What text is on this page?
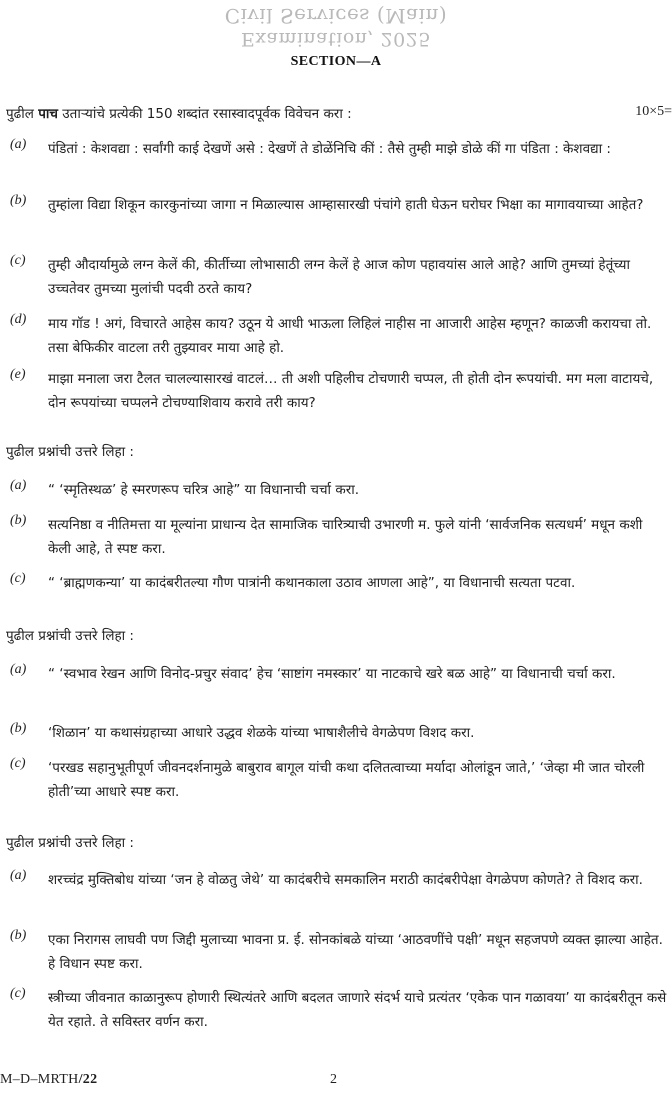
Civil Services (Main)
Examination, 2025
SECTION—A
पुढील पाच उताऱ्यांचे प्रत्येकी 150 शब्दांत रसास्वादपूर्वक विवेचन करा :	10×5=
(a) पंडितां : केशवद्या : सर्वांगी काई देखणें असे : देखणें ते डोळेंनिचि कीं : तैसे तुम्ही माझे डोळे कीं गा पंडिता : केशवद्या :
(b) तुम्हांला विद्या शिकून कारकुनांच्या जागा न मिळाल्यास आम्हासारखी पंचांगे हाती घेऊन घरोघर भिक्षा का मागावयाच्या आहेत?
(c) तुम्ही औदार्यामुळे लग्न केलें की, कीर्तीच्या लोभासाठी लग्न केलें हे आज कोण पहावयांस आले आहे? आणि तुमच्यां हेतूंच्या उच्चतेवर तुमच्या मुलांची पदवी ठरते काय?
(d) माय गॉड ! अगं, विचारते आहेस काय? उठून ये आधी भाऊला लिहिलं नाहीस ना आजारी आहेस म्हणून? काळजी करायचा तो. तसा बेफिकीर वाटला तरी तुझ्यावर माया आहे हो.
(e) माझा मनाला जरा टैलत चालल्यासारखं वाटलं… ती अशी पहिलीच टोचणारी चप्पल, ती होती दोन रूपयांची. मग मला वाटायचे, दोन रूपयांच्या चप्पलने टोचण्याशिवाय करावे तरी काय?
पुढील प्रश्नांची उत्तरे लिहा :
(a) “ ‘स्मृतिस्थळ’ हे स्मरणरूप चरित्र आहे” या विधानाची चर्चा करा.
(b) सत्यनिष्ठा व नीतिमत्ता या मूल्यांना प्राधान्य देत सामाजिक चारित्र्याची उभारणी म. फुले यांनी ‘सार्वजनिक सत्यधर्म’ मधून कशी केली आहे, ते स्पष्ट करा.
(c) “ ‘ब्राह्मणकन्या’ या कादंबरीतल्या गौण पात्रांनी कथानकाला उठाव आणला आहे”, या विधानाची सत्यता पटवा.
पुढील प्रश्नांची उत्तरे लिहा :
(a) “ ‘स्वभाव रेखन आणि विनोद-प्रचुर संवाद’ हेच ‘साष्टांग नमस्कार’ या नाटकाचे खरे बळ आहे” या विधानाची चर्चा करा.
(b) ‘शिळान’ या कथासंग्रहाच्या आधारे उद्धव शेळके यांच्या भाषाशैलीचे वेगळेपण विशद करा.
(c) ‘परखड सहानुभूतीपूर्ण जीवनदर्शनामुळे बाबुराव बागूल यांची कथा दलितत्वाच्या मर्यादा ओलांडून जाते,’ ‘जेव्हा मी जात चोरली होती’च्या आधारे स्पष्ट करा.
पुढील प्रश्नांची उत्तरे लिहा :
(a) शरच्चंद्र मुक्तिबोध यांच्या ‘जन हे वोळतु जेथे’ या कादंबरीचे समकालिन मराठी कादंबरीपेक्षा वेगळेपण कोणते? ते विशद करा.
(b) एका निरागस लाघवी पण जिद्दी मुलाच्या भावना प्र. ई. सोनकांबळे यांच्या ‘आठवणींचे पक्षी’ मधून सहजपणे व्यक्त झाल्या आहेत. हे विधान स्पष्ट करा.
(c) स्त्रीच्या जीवनात काळानुरूप होणारी स्थित्यंतरे आणि बदलत जाणारे संदर्भ याचे प्रत्यंतर ‘एकेक पान गळावया’ या कादंबरीतून कसे येत रहाते. ते सविस्तर वर्णन करा.
M–D–MRTH/22	2
